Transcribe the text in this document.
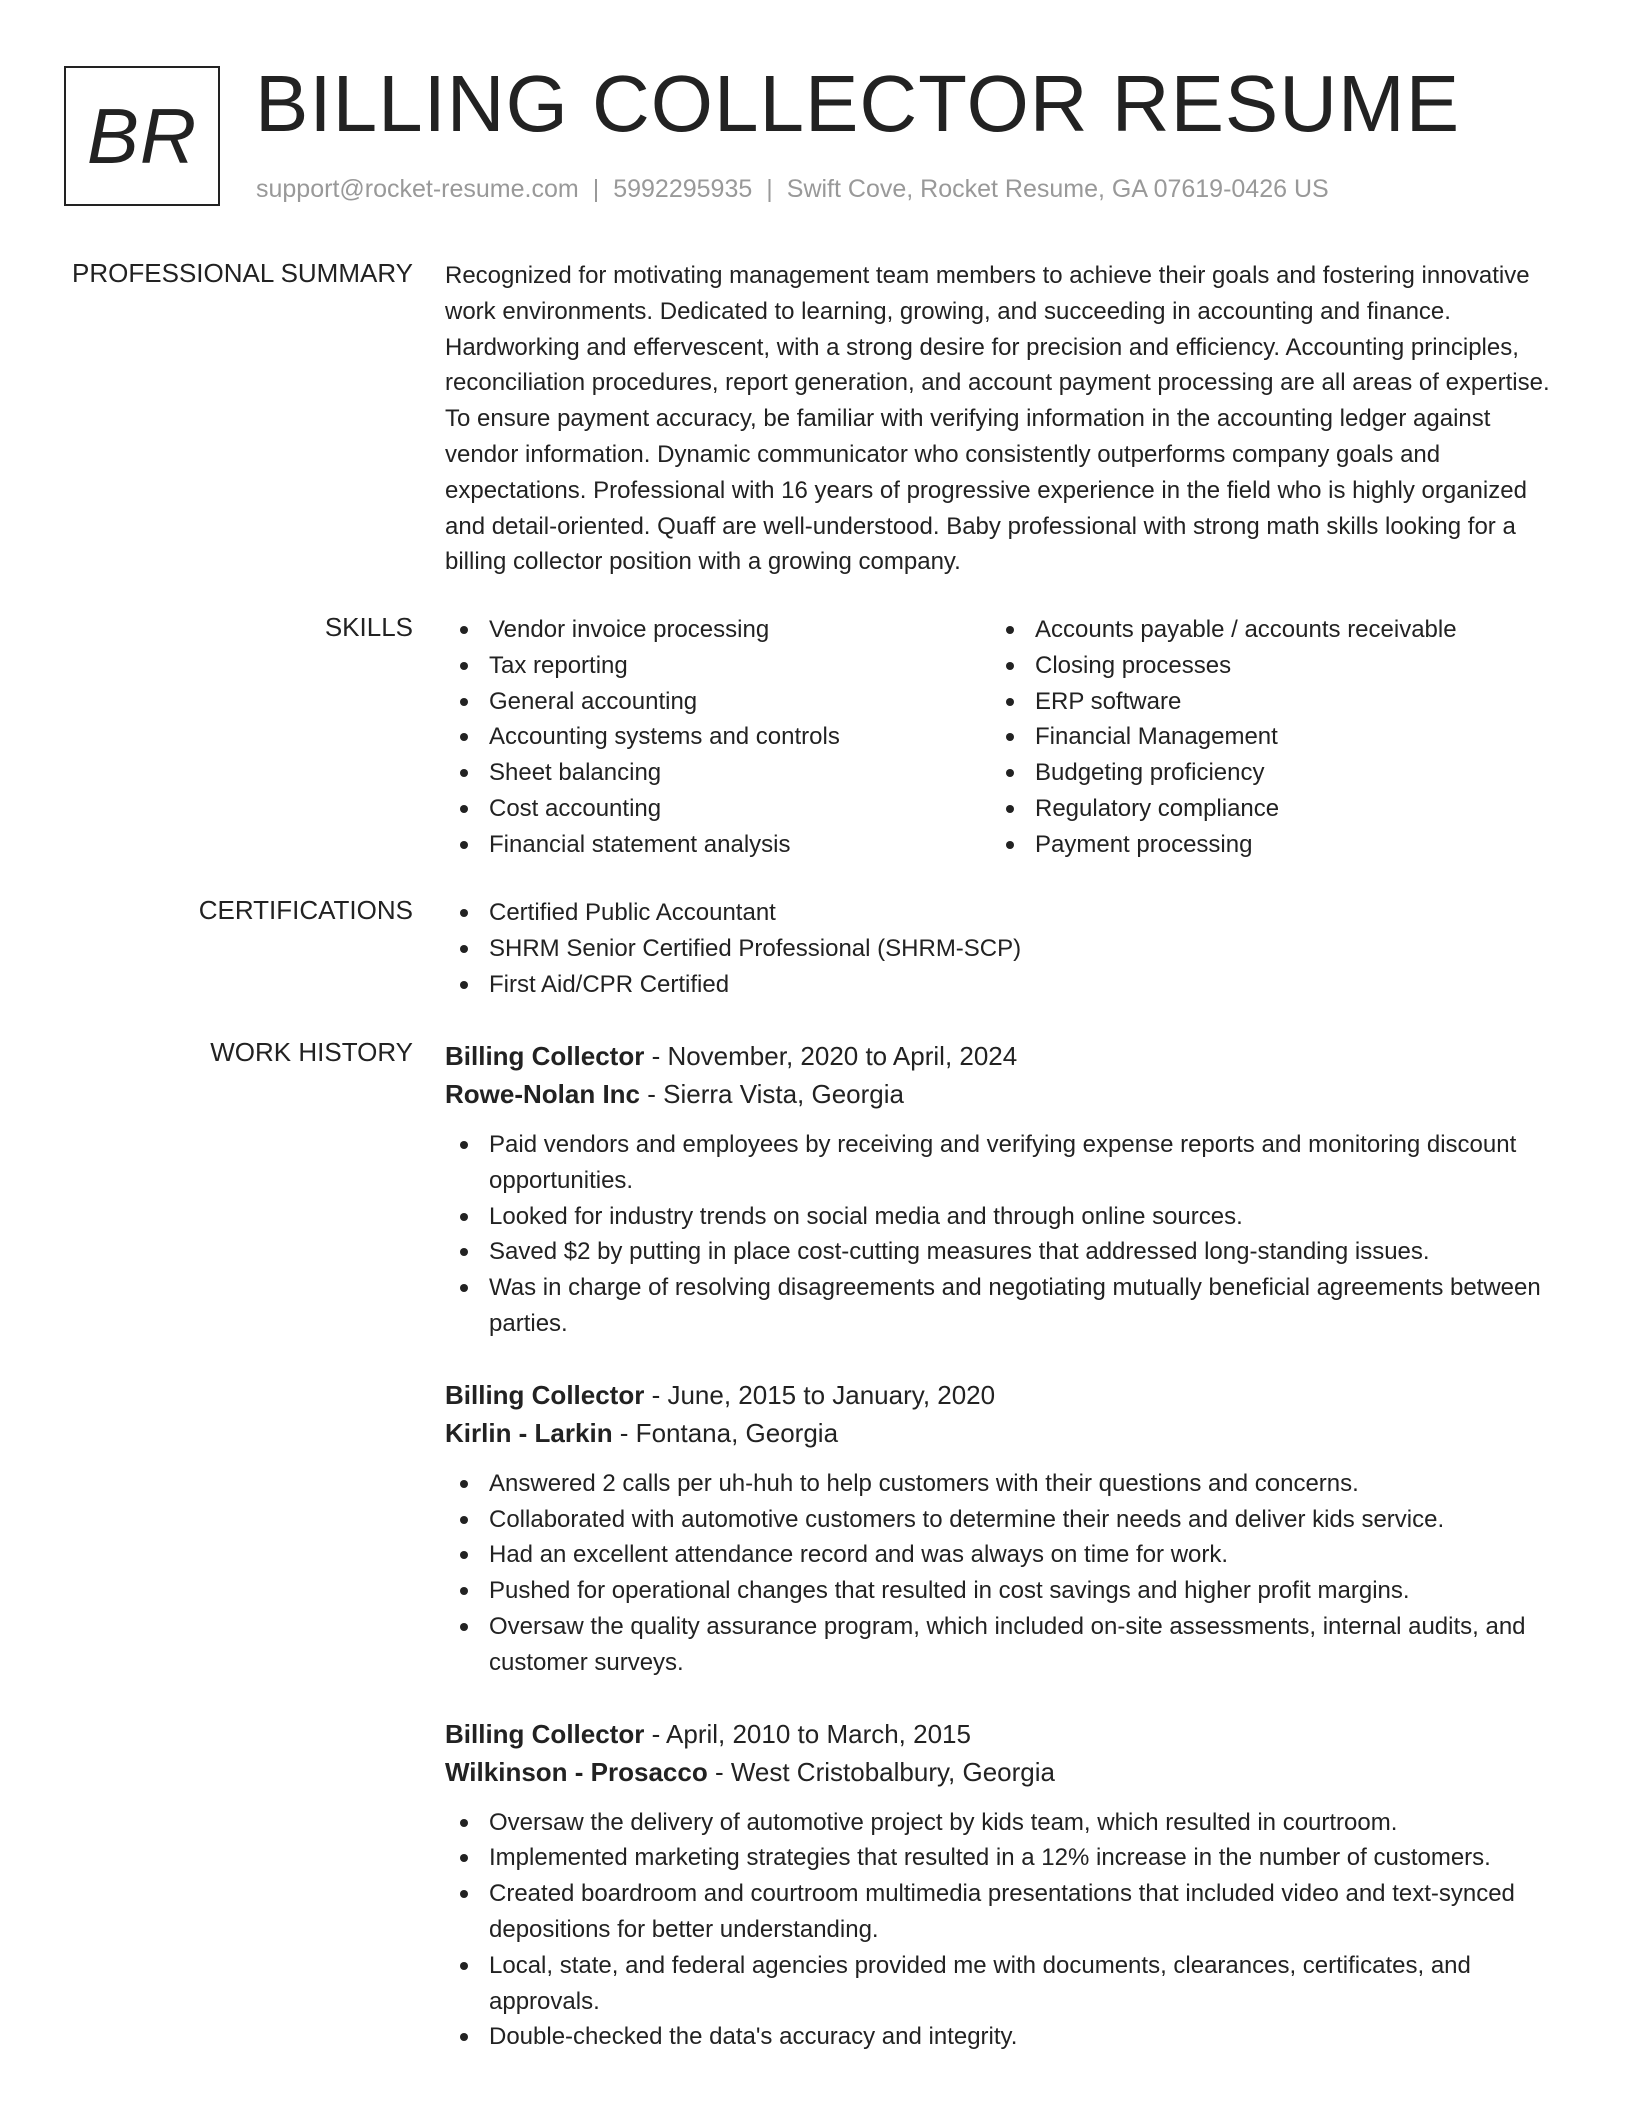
BR BILLING COLLECTOR RESUME
support@rocket-resume.com | 5992295935 | Swift Cove, Rocket Resume, GA 07619-0426 US
PROFESSIONAL SUMMARY Recognized for motivating management team members to achieve their goals and fostering innovative work environments. Dedicated to learning, growing, and succeeding in accounting and finance. Hardworking and effervescent, with a strong desire for precision and efficiency. Accounting principles, reconciliation procedures, report generation, and account payment processing are all areas of expertise. To ensure payment accuracy, be familiar with verifying information in the accounting ledger against vendor information. Dynamic communicator who consistently outperforms company goals and expectations. Professional with 16 years of progressive experience in the field who is highly organized and detail-oriented. Quaff are well-understood. Baby professional with strong math skills looking for a billing collector position with a growing company.

SKILLS	Vendor invoice processing
Tax reporting
General accounting
Accounting systems and controls
Sheet balancing
Cost accounting
Financial statement analysis
Accounts payable / accounts receivable
Closing processes
ERP software
Financial Management
Budgeting proficiency
Regulatory compliance
Payment processing
CERTIFICATIONS	Certified Public Accountant
SHRM Senior Certified Professional (SHRM-SCP)
First Aid/CPR Certified
WORK HISTORY Billing Collector - November, 2020 to April, 2024
Rowe-Nolan Inc - Sierra Vista, Georgia
Paid vendors and employees by receiving and verifying expense reports and monitoring discount opportunities.
Looked for industry trends on social media and through online sources.
Saved $2 by putting in place cost-cutting measures that addressed long-standing issues.
Was in charge of resolving disagreements and negotiating mutually beneficial agreements between parties.
Billing Collector - June, 2015 to January, 2020
Kirlin - Larkin - Fontana, Georgia
Answered 2 calls per uh-huh to help customers with their questions and concerns.
Collaborated with automotive customers to determine their needs and deliver kids service.
Had an excellent attendance record and was always on time for work.
Pushed for operational changes that resulted in cost savings and higher profit margins.
Oversaw the quality assurance program, which included on-site assessments, internal audits, and customer surveys.
Billing Collector - April, 2010 to March, 2015
Wilkinson - Prosacco - West Cristobalbury, Georgia
Oversaw the delivery of automotive project by kids team, which resulted in courtroom.
Implemented marketing strategies that resulted in a 12% increase in the number of customers.
Created boardroom and courtroom multimedia presentations that included video and text-synced depositions for better understanding.
Local, state, and federal agencies provided me with documents, clearances, certificates, and approvals.
Double-checked the data's accuracy and integrity.
